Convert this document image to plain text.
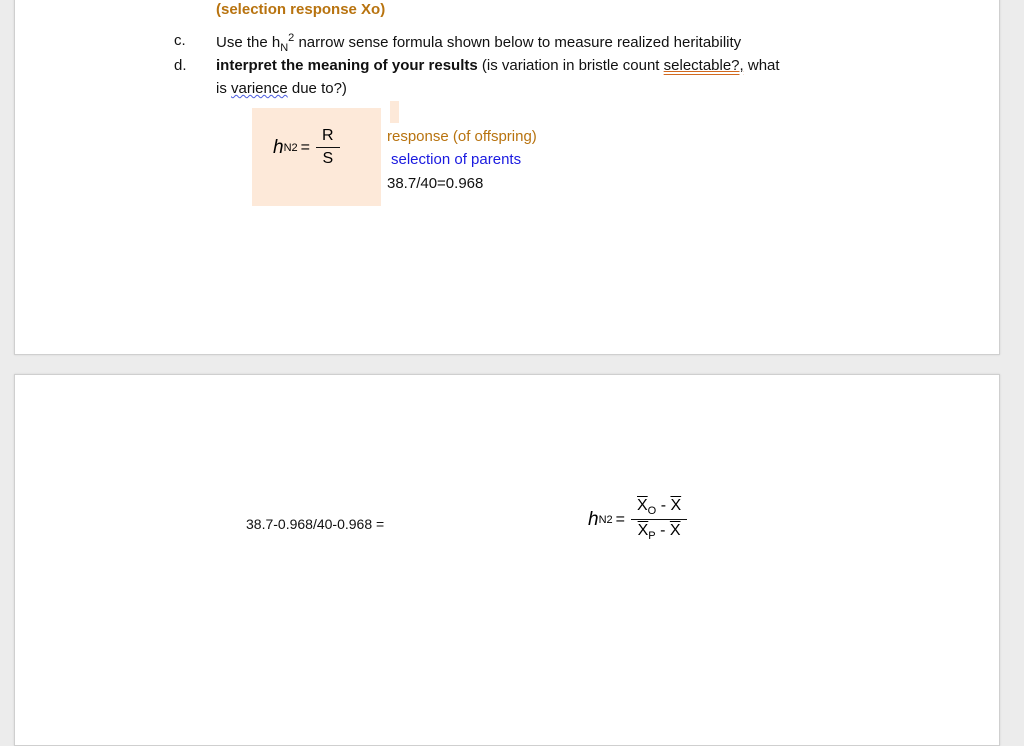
(selection response Xo)
c. Use the $h_N^2$ narrow sense formula shown below to measure realized heritability
d. interpret the meaning of your results (is variation in bristle count selectable?, what
is varience due to?)
h N $2 = \frac{R}{S}$	response (of offspring)
selection of parents
38.7/40=0.968
38.7-0.968/40-0.968 =	h N $2 = \frac{\overline{X}_O - \overline{X}}{\overline{X}_P - \overline{X}}$
